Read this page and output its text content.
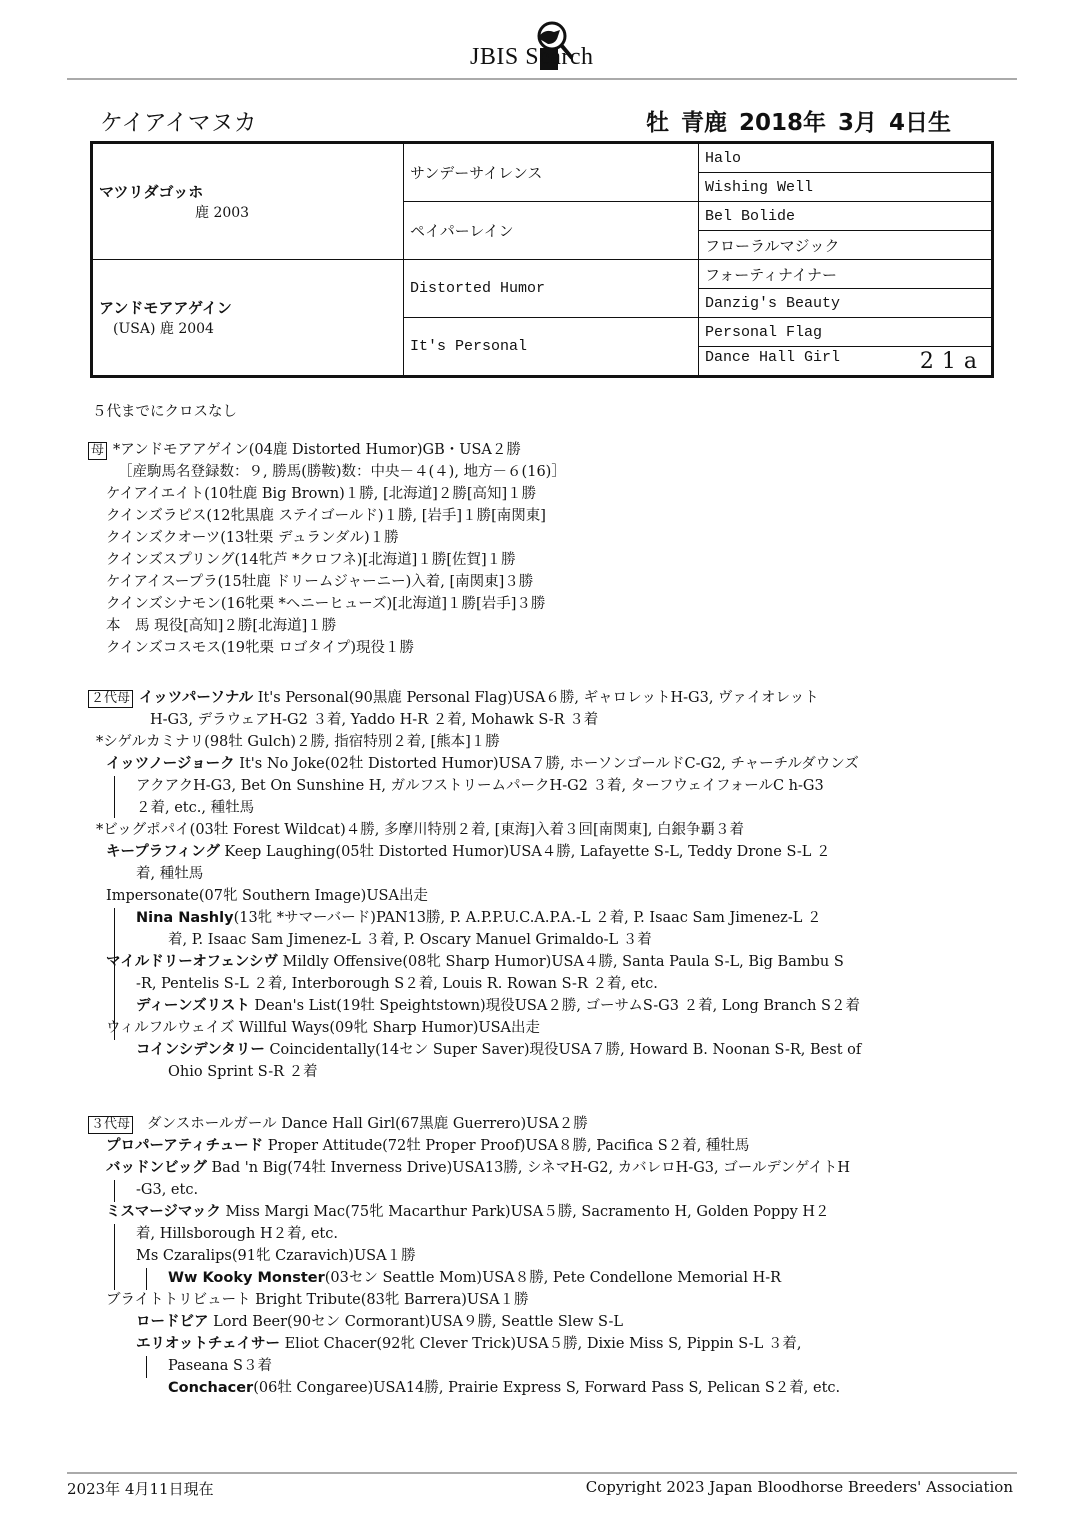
JBIS Search
ケイアイマヌカ	牡 青鹿 2018年 3月 4日生
マツリダゴッホ
鹿 2003	サンデーサイレンス	Halo
		Wishing Well
	ペイパーレイン	Bel Bolide
		フローラルマジック

アンドモアアゲイン
(USA) 鹿 2004	Distorted Humor	フォーティナイナー
		Danzig's Beauty
	It's Personal	Personal Flag
		Dance Hall Girl 21a
５代までにクロスなし
母 *アンドモアアゲイン(04鹿 Distorted Humor)GB・USA２勝
［産駒馬名登録数：９, 勝馬(勝鞍)数：中央－４(４), 地方－６(16)］
ケイアイエイト(10牡鹿 Big Brown)１勝, [北海道]２勝[高知]１勝
クインズラピス(12牝黒鹿 ステイゴールド)１勝, [岩手]１勝[南関東]
クインズクオーツ(13牡栗 デュランダル)１勝
クインズスプリング(14牝芦 *クロフネ)[北海道]１勝[佐賀]１勝
ケイアイスープラ(15牡鹿 ドリームジャーニー)入着, [南関東]３勝
クインズシナモン(16牝栗 *ヘニーヒューズ)[北海道]１勝[岩手]３勝
本　馬 現役[高知]２勝[北海道]１勝
クインズコスモス(19牝栗 ロゴタイプ)現役１勝
２代母 イッツパーソナル It's Personal(90黒鹿 Personal Flag)USA６勝, ギャロレットH-G3, ヴァイオレット
H-G3, デラウェアH-G2 ３着, Yaddo H-R ２着, Mohawk S-R ３着
*シゲルカミナリ(98牡 Gulch)２勝, 指宿特別２着, [熊本]１勝
イッツノージョーク It's No Joke(02牡 Distorted Humor)USA７勝, ホーソンゴールドC-G2, チャーチルダウンズ
アクアクH-G3, Bet On Sunshine H, ガルフストリームパークH-G2 ３着, ターフウェイフォールC h-G3
２着, etc., 種牡馬
*ビッグポパイ(03牡 Forest Wildcat)４勝, 多摩川特別２着, [東海]入着３回[南関東], 白銀争覇３着
キープラフィング Keep Laughing(05牡 Distorted Humor)USA４勝, Lafayette S-L, Teddy Drone S-L ２
着, 種牡馬
Impersonate(07牝 Southern Image)USA出走
Nina Nashly(13牝 *サマーバード)PAN13勝, P. A.P.P.U.C.A.P.A.-L ２着, P. Isaac Sam Jimenez-L ２
着, P. Isaac Sam Jimenez-L ３着, P. Oscary Manuel Grimaldo-L ３着
マイルドリーオフェンシヴ Mildly Offensive(08牝 Sharp Humor)USA４勝, Santa Paula S-L, Big Bambu S
-R, Pentelis S-L ２着, Interborough S２着, Louis R. Rowan S-R ２着, etc.
ディーンズリスト Dean's List(19牡 Speightstown)現役USA２勝, ゴーサムS-G3 ２着, Long Branch S２着
ウィルフルウェイズ Willful Ways(09牝 Sharp Humor)USA出走
コインシデンタリー Coincidentally(14セン Super Saver)現役USA７勝, Howard B. Noonan S-R, Best of
Ohio Sprint S-R ２着
３代母 ダンスホールガール Dance Hall Girl(67黒鹿 Guerrero)USA２勝
プロパーアティチュード Proper Attitude(72牡 Proper Proof)USA８勝, Pacifica S２着, 種牡馬
バッドンビッグ Bad 'n Big(74牡 Inverness Drive)USA13勝, シネマH-G2, カバレロH-G3, ゴールデンゲイトH
-G3, etc.
ミスマージマック Miss Margi Mac(75牝 Macarthur Park)USA５勝, Sacramento H, Golden Poppy H２
着, Hillsborough H２着, etc.
Ms Czaralips(91牝 Czaravich)USA１勝
Ww Kooky Monster(03セン Seattle Mom)USA８勝, Pete Condellone Memorial H-R
ブライトトリビュート Bright Tribute(83牝 Barrera)USA１勝
ロードビア Lord Beer(90セン Cormorant)USA９勝, Seattle Slew S-L
エリオットチェイサー Eliot Chacer(92牝 Clever Trick)USA５勝, Dixie Miss S, Pippin S-L ３着,
Paseana S３着
Conchacer(06牡 Congaree)USA14勝, Prairie Express S, Forward Pass S, Pelican S２着, etc.
2023年 4月11日現在	Copyright 2023 Japan Bloodhorse Breeders' Association
